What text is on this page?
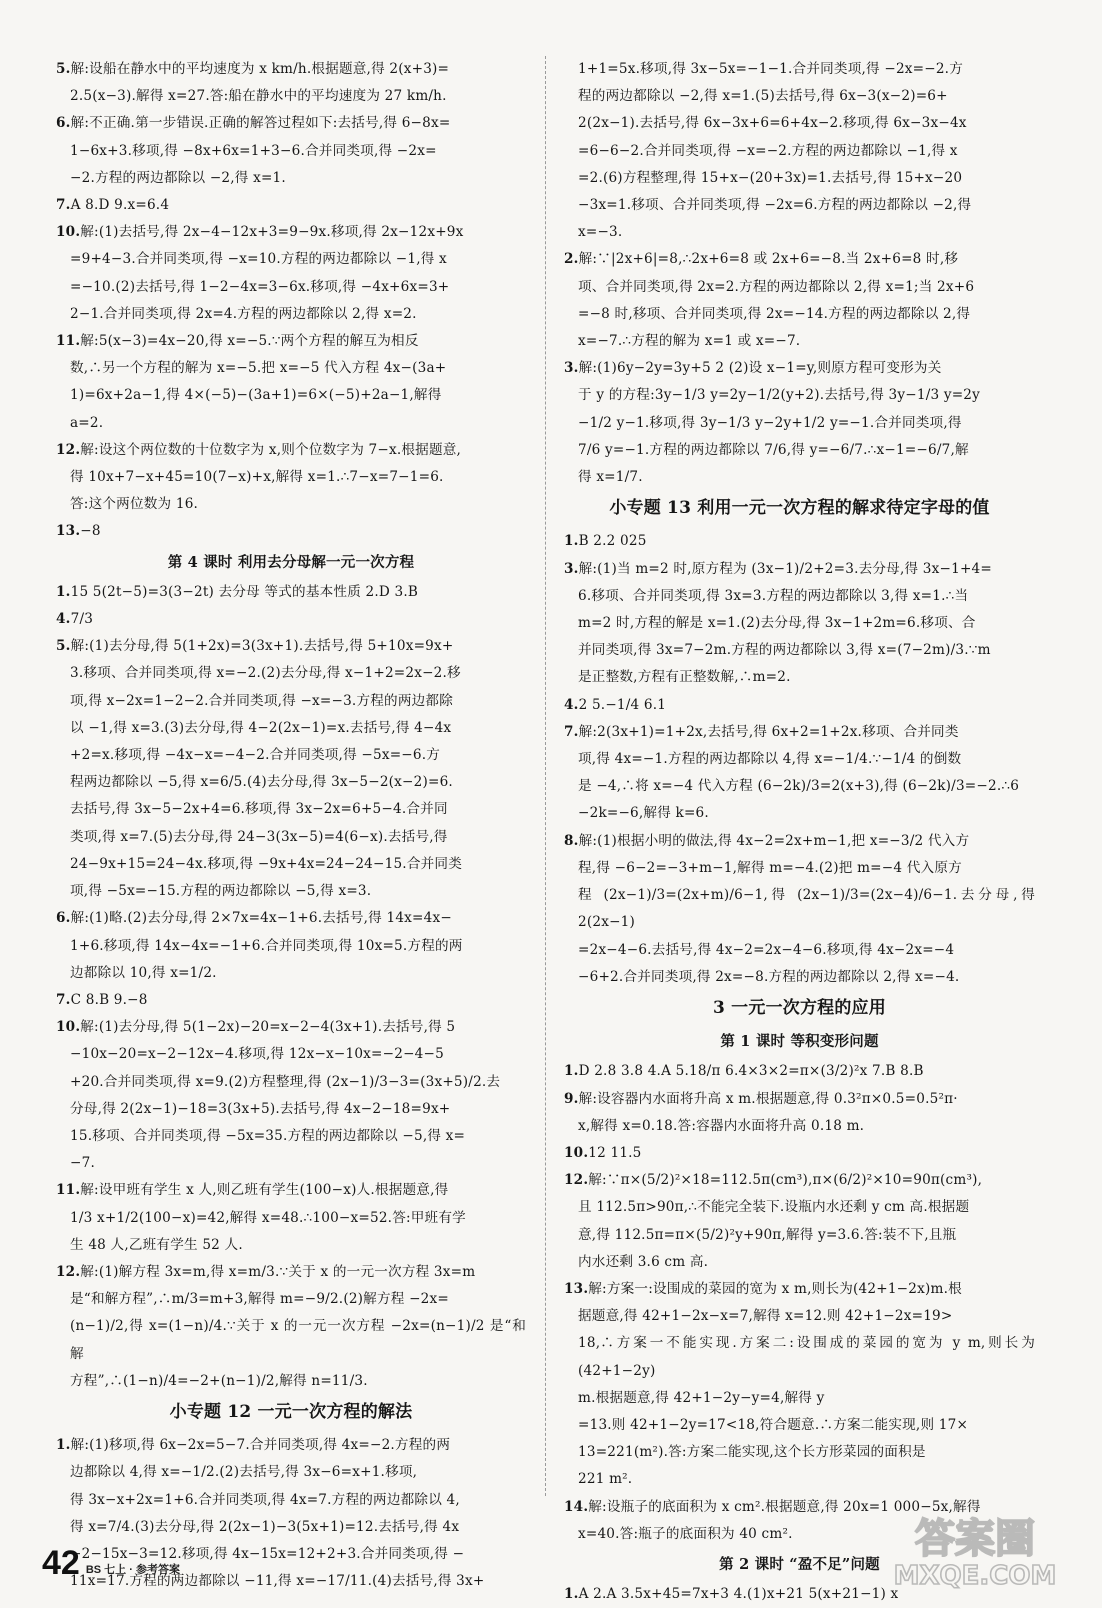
5.解:设船在静水中的平均速度为 x km/h.根据题意,得 2(x+3)=
2.5(x−3).解得 x=27.答:船在静水中的平均速度为 27 km/h.
6.解:不正确.第一步错误.正确的解答过程如下:去括号,得 6−8x=
1−6x+3.移项,得 −8x+6x=1+3−6.合并同类项,得 −2x=
−2.方程的两边都除以 −2,得 x=1.
7.A 8.D 9.x=6.4
10.解:(1)去括号,得 2x−4−12x+3=9−9x.移项,得 2x−12x+9x
=9+4−3.合并同类项,得 −x=10.方程的两边都除以 −1,得 x
=−10.(2)去括号,得 1−2−4x=3−6x.移项,得 −4x+6x=3+
2−1.合并同类项,得 2x=4.方程的两边都除以 2,得 x=2.
11.解:5(x−3)=4x−20,得 x=−5.∵两个方程的解互为相反
数,∴另一个方程的解为 x=−5.把 x=−5 代入方程 4x−(3a+
1)=6x+2a−1,得 4×(−5)−(3a+1)=6×(−5)+2a−1,解得
a=2.
12.解:设这个两位数的十位数字为 x,则个位数字为 7−x.根据题意,
得 10x+7−x+45=10(7−x)+x,解得 x=1.∴7−x=7−1=6.
答:这个两位数为 16.
13.−8
第 4 课时 利用去分母解一元一次方程
1.15 5(2t−5)=3(3−2t) 去分母 等式的基本性质 2.D 3.B
4.7/3
5.解:(1)去分母,得 5(1+2x)=3(3x+1).去括号,得 5+10x=9x+
3.移项、合并同类项,得 x=−2.(2)去分母,得 x−1+2=2x−2.移
项,得 x−2x=1−2−2.合并同类项,得 −x=−3.方程的两边都除
以 −1,得 x=3.(3)去分母,得 4−2(2x−1)=x.去括号,得 4−4x
+2=x.移项,得 −4x−x=−4−2.合并同类项,得 −5x=−6.方
程两边都除以 −5,得 x=6/5.(4)去分母,得 3x−5−2(x−2)=6.
去括号,得 3x−5−2x+4=6.移项,得 3x−2x=6+5−4.合并同
类项,得 x=7.(5)去分母,得 24−3(3x−5)=4(6−x).去括号,得
24−9x+15=24−4x.移项,得 −9x+4x=24−24−15.合并同类
项,得 −5x=−15.方程的两边都除以 −5,得 x=3.
6.解:(1)略.(2)去分母,得 2×7x=4x−1+6.去括号,得 14x=4x−
1+6.移项,得 14x−4x=−1+6.合并同类项,得 10x=5.方程的两
边都除以 10,得 x=1/2.
7.C 8.B 9.−8
10.解:(1)去分母,得 5(1−2x)−20=x−2−4(3x+1).去括号,得 5
−10x−20=x−2−12x−4.移项,得 12x−x−10x=−2−4−5
+20.合并同类项,得 x=9.(2)方程整理,得 (2x−1)/3−3=(3x+5)/2.去
分母,得 2(2x−1)−18=3(3x+5).去括号,得 4x−2−18=9x+
15.移项、合并同类项,得 −5x=35.方程的两边都除以 −5,得 x=
−7.
11.解:设甲班有学生 x 人,则乙班有学生(100−x)人.根据题意,得
1/3 x+1/2(100−x)=42,解得 x=48.∴100−x=52.答:甲班有学
生 48 人,乙班有学生 52 人.
12.解:(1)解方程 3x=m,得 x=m/3.∵关于 x 的一元一次方程 3x=m
是“和解方程”,∴m/3=m+3,解得 m=−9/2.(2)解方程 −2x=
(n−1)/2,得 x=(1−n)/4.∵关于 x 的一元一次方程 −2x=(n−1)/2 是“和解
方程”,∴(1−n)/4=−2+(n−1)/2,解得 n=11/3.
小专题 12 一元一次方程的解法
1.解:(1)移项,得 6x−2x=5−7.合并同类项,得 4x=−2.方程的两
边都除以 4,得 x=−1/2.(2)去括号,得 3x−6=x+1.移项,
得 3x−x+2x=1+6.合并同类项,得 4x=7.方程的两边都除以 4,
得 x=7/4.(3)去分母,得 2(2x−1)−3(5x+1)=12.去括号,得 4x
−2−15x−3=12.移项,得 4x−15x=12+2+3.合并同类项,得 −
11x=17.方程的两边都除以 −11,得 x=−17/11.(4)去括号,得 3x+
1+1=5x.移项,得 3x−5x=−1−1.合并同类项,得 −2x=−2.方
程的两边都除以 −2,得 x=1.(5)去括号,得 6x−3(x−2)=6+
2(2x−1).去括号,得 6x−3x+6=6+4x−2.移项,得 6x−3x−4x
=6−6−2.合并同类项,得 −x=−2.方程的两边都除以 −1,得 x
=2.(6)方程整理,得 15+x−(20+3x)=1.去括号,得 15+x−20
−3x=1.移项、合并同类项,得 −2x=6.方程的两边都除以 −2,得
x=−3.
2.解:∵|2x+6|=8,∴2x+6=8 或 2x+6=−8.当 2x+6=8 时,移
项、合并同类项,得 2x=2.方程的两边都除以 2,得 x=1;当 2x+6
=−8 时,移项、合并同类项,得 2x=−14.方程的两边都除以 2,得
x=−7.∴方程的解为 x=1 或 x=−7.
3.解:(1)6y−2y=3y+5 2 (2)设 x−1=y,则原方程可变形为关
于 y 的方程:3y−1/3 y=2y−1/2(y+2).去括号,得 3y−1/3 y=2y
−1/2 y−1.移项,得 3y−1/3 y−2y+1/2 y=−1.合并同类项,得
7/6 y=−1.方程的两边都除以 7/6,得 y=−6/7.∴x−1=−6/7,解
得 x=1/7.
小专题 13 利用一元一次方程的解求待定字母的值
1.B 2.2 025
3.解:(1)当 m=2 时,原方程为 (3x−1)/2+2=3.去分母,得 3x−1+4=
6.移项、合并同类项,得 3x=3.方程的两边都除以 3,得 x=1.∴当
m=2 时,方程的解是 x=1.(2)去分母,得 3x−1+2m=6.移项、合
并同类项,得 3x=7−2m.方程的两边都除以 3,得 x=(7−2m)/3.∵m
是正整数,方程有正整数解,∴m=2.
4.2 5.−1/4 6.1
7.解:2(3x+1)=1+2x,去括号,得 6x+2=1+2x.移项、合并同类
项,得 4x=−1.方程的两边都除以 4,得 x=−1/4.∵−1/4 的倒数
是 −4,∴将 x=−4 代入方程 (6−2k)/3=2(x+3),得 (6−2k)/3=−2.∴6
−2k=−6,解得 k=6.
8.解:(1)根据小明的做法,得 4x−2=2x+m−1,把 x=−3/2 代入方
程,得 −6−2=−3+m−1,解得 m=−4.(2)把 m=−4 代入原方
程 (2x−1)/3=(2x+m)/6−1,得 (2x−1)/3=(2x−4)/6−1.去分母,得 2(2x−1)
=2x−4−6.去括号,得 4x−2=2x−4−6.移项,得 4x−2x=−4
−6+2.合并同类项,得 2x=−8.方程的两边都除以 2,得 x=−4.
3 一元一次方程的应用
第 1 课时 等积变形问题
1.D 2.8 3.8 4.A 5.18/π 6.4×3×2=π×(3/2)²x 7.B 8.B
9.解:设容器内水面将升高 x m.根据题意,得 0.3²π×0.5=0.5²π·
x,解得 x=0.18.答:容器内水面将升高 0.18 m.
10.12 11.5
12.解:∵π×(5/2)²×18=112.5π(cm³),π×(6/2)²×10=90π(cm³),
且 112.5π>90π,∴不能完全装下.设瓶内水还剩 y cm 高.根据题
意,得 112.5π=π×(5/2)²y+90π,解得 y=3.6.答:装不下,且瓶
内水还剩 3.6 cm 高.
13.解:方案一:设围成的菜园的宽为 x m,则长为(42+1−2x)m.根
据题意,得 42+1−2x−x=7,解得 x=12.则 42+1−2x=19>
18,∴方案一不能实现.方案二:设围成的菜园的宽为 y m,则长为(42+1−2y)
m.根据题意,得 42+1−2y−y=4,解得 y
=13.则 42+1−2y=17<18,符合题意.∴方案二能实现,则 17×
13=221(m²).答:方案二能实现,这个长方形菜园的面积是
221 m².
14.解:设瓶子的底面积为 x cm².根据题意,得 20x=1 000−5x,解得
x=40.答:瓶子的底面积为 40 cm².
第 2 课时 “盈不足”问题
1.A 2.A 3.5x+45=7x+3 4.(1)x+21 5(x+21−1) x
42 BS 七上 · 参考答案
答案圈
MXQE.COM
